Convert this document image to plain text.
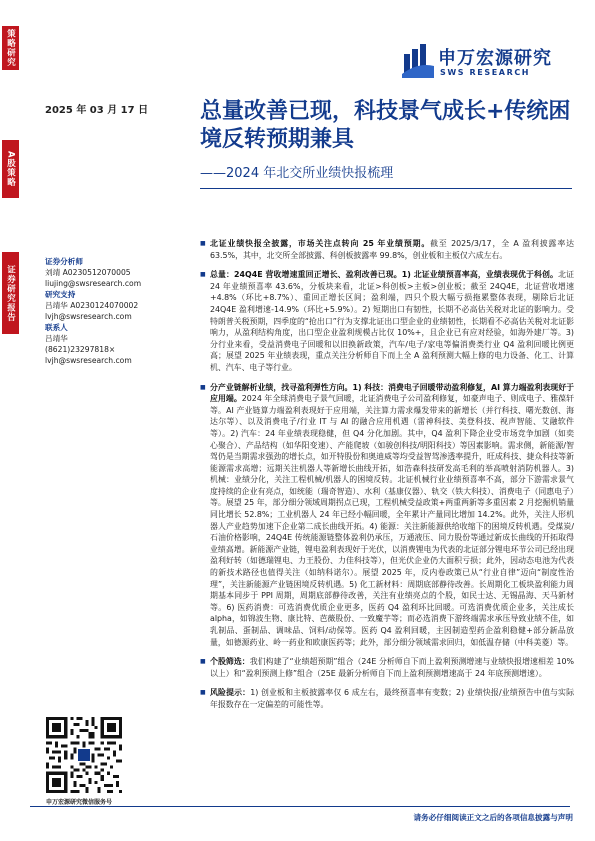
策略研究
A股策略
证券研究报告
申万宏源研究
SWS RESEARCH
2025 年 03 月 17 日 总量改善已现，科技景气成长+传统困境反转预期兼具
——2024 年北交所业绩快报梳理
证券分析师
刘靖 A0230512070005
liujing@swsresearch.com
研究支持
吕靖华 A0230124070002
lvjh@swsresearch.com
联系人
吕靖华
(8621)23297818×
lvjh@swsresearch.com
■ 北证业绩快报全披露，市场关注点转向 25 年业绩预期。截至 2025/3/17，全 A 盈利披露率达 63.5%，其中，北交所全部披露、科创板披露率 99.8%，创业板和主板仅六成左右。
■ 总量：24Q4E 营收增速重回正增长、盈利改善已现。1) 北证业绩预喜率高，业绩表现优于科创。北证 24 年业绩预喜率 43.6%，分板块来看，北证>科创板>主板>创业板；截至 24Q4E，北证营收增速+4.8%（环比+8.7%）、重回正增长区间；盈利端，四只个股大幅亏损拖累整体表现，剔除后北证 24Q4E 盈利增速-14.9%（环比+5.9%）。2) 短期出口有韧性，长期不必高估关税对北证的影响力。受特朗普关税预期，四季度的“抢出口”行为支撑北证出口型企业的业绩韧性，长期看不必高估关税对北证影响力，从盈利结构角度，出口型企业盈利规模占比仅 10%+，且企业已有应对经验，如海外建厂等。3) 分行业来看，受益消费电子回暖和以旧换新政策，汽车/电子/家电等偏消费类行业 Q4 盈利回暖比例更高；展望 2025 年业绩表现，重点关注分析师自下而上全 A 盈利预测大幅上修的电力设备、化工、计算机、汽车、电子等行业。
■ 分产业链解析业绩，找寻盈利弹性方向。1) 科技：消费电子回暖带动盈利修复，AI 算力端盈利表现好于应用端。2024 年全球消费电子景气回暖，北证消费电子公司盈利修复，如豪声电子、则成电子、雅葆轩等。AI 产业链算力端盈利表现好于应用端，关注算力需求爆发带来的新增长（并行科技、曙光数创、海达尔等）、以及消费电子/行业 IT 与 AI 的融合应用机遇（雷神科技、美登科技、视声智能、艾融软件等）。2) 汽车：24 年业绩表现稳健，但 Q4 分化加剧。其中，Q4 盈利下降企业受市场竞争加剧（如奕心聚合）、产品结构（如华阳变速）、产能爬坡（如骏创科技/明阳科技）等因素影响。需求侧，新能源/智驾仍是当期需求强劲的增长点，如开特股份和奥迪威等均受益智驾渗透率提升，旺成科技、捷众科技等新能源需求高增；远期关注机器人等新增长曲线开拓，如浩森科技研发高毛利的举高喷射消防机器人。3) 机械：业绩分化，关注工程机械/机器人的困境反转。北证机械行业业绩预喜率不高，部分下游需求景气度持续的企业有亮点，如统能（瑞奇智造）、水利（基康仪器）、轨交（铁大科技）、消费电子（同惠电子）等。展望 25 年，部分细分领域周期拐点已现，工程机械受益政策+两重两新等多重因素 2 月挖掘机销量同比增长 52.8%；工业机器人 24 年已经小幅回暖，全年累计产量同比增加 14.2%。此外，关注人形机器人产业趋势加速下企业第二成长曲线开拓。4) 能源：关注新能源供给收缩下的困境反转机遇。受煤炭/石油价格影响，24Q4E 传统能源链整体盈利仍承压，万通液压、同力股份等通过新成长曲线的开拓取得业绩高增。新能源产业链，锂电盈利表现好于光伏，以消费锂电为代表的北证部分锂电环节公司已经出现盈利好转（如德瑞锂电、力王股份、力佳科技等），但光伏企业仍大面积亏损；此外，因动态电池为代表的新技术路径也值得关注（如纳科诺尔）。展望 2025 年，反内卷政策已从“行业自律”迈向“制度性治理”，关注新能源产业链困境反转机遇。5) 化工新材料：周期底部静待改善。长周期化工板块盈利能力周期基本同步于 PPI 周期，周期底部静待改善，关注有业绩亮点的个股，如民士达、无锡晶海、天马新材等。6) 医药消费：可选消费优质企业更多，医药 Q4 盈利环比回暖。可选消费优质企业多，关注成长 alpha，如锦波生物、康比特、芭薇股份、一致魔芋等；而必选消费下游终端需求承压导致业绩不佳，如乳制品、蛋制品、调味品、饲料/动保等。医药 Q4 盈利回暖，主因制造型药企盈利稳健+部分新品放量，如德源药业、岭一药业和欧康医药等；此外，部分细分领域需求回归，如低温存储（中科美菱）等。
■ 个股筛选：我们构建了“业绩超预期”组合（24E 分析师自下而上盈利预测增速与业绩快报增速相差 10%以上）和“盈利预测上修”组合（25E 最新分析师自下而上盈利预测增速高于 24 年底预测增速）。
■ 风险提示：1) 创业板和主板披露率仅 6 成左右，最终预喜率有变数；2) 业绩快报/业绩预告中值与实际年报数存在一定偏差的可能性等。
申万宏源研究微信服务号
请务必仔细阅读正文之后的各项信息披露与声明
